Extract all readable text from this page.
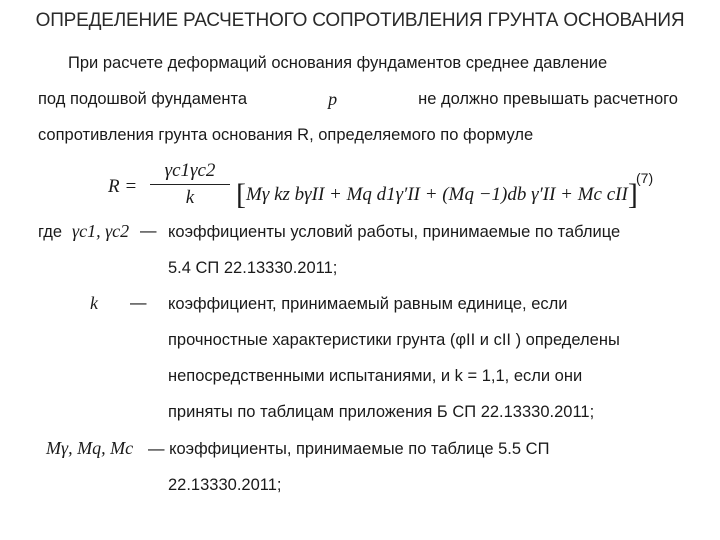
ОПРЕДЕЛЕНИЕ РАСЧЕТНОГО СОПРОТИВЛЕНИЯ ГРУНТА ОСНОВАНИЯ
При расчете деформаций основания фундаментов среднее давление
под подошвой фундамента	p	не должно превышать расчетного
сопротивления грунта основания R, определяемого по формуле
$R = \frac{\gamma c1\gamma c2}{k} [M\gamma$ kz bγII + Mq d1γ′II + (Mq −1)db γ′II + Mc cII]
(7)
где γc1, γc2 — коэффициенты условий работы, принимаемые по таблице
5.4 СП 22.13330.2011;
k — коэффициент, принимаемый равным единице, если
прочностные характеристики грунта (φII и cII ) определены
непосредственными испытаниями, и k = 1,1, если они
приняты по таблицам приложения Б СП 22.13330.2011;
Mγ, Mq, Mc — коэффициенты, принимаемые по таблице 5.5 СП
22.13330.2011;
